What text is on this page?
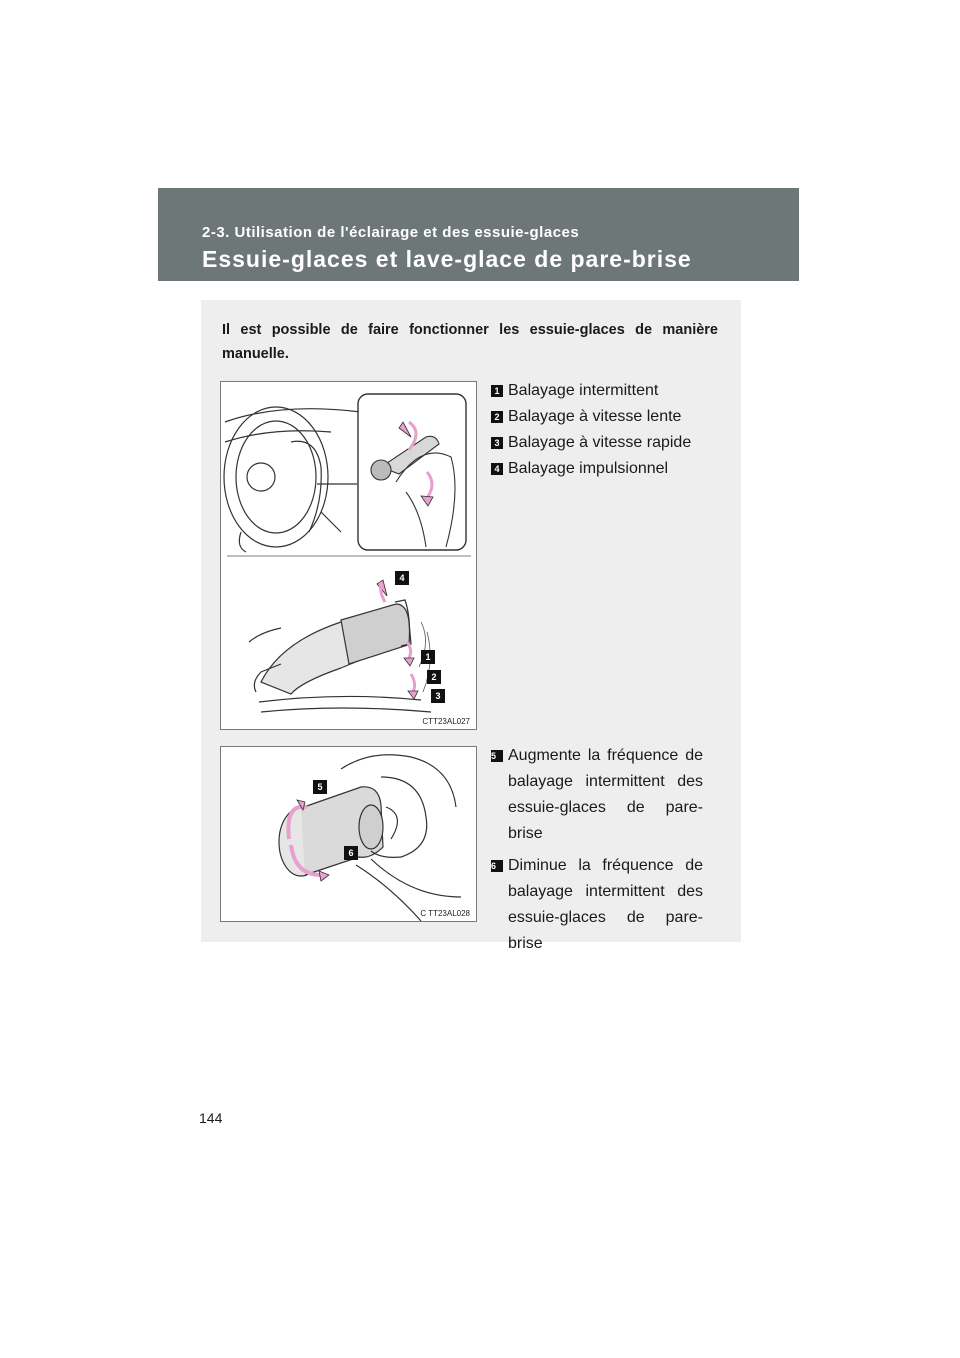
2-3. Utilisation de l'éclairage et des essuie-glaces

Essuie-glaces et lave-glace de pare-brise

Il est possible de faire fonctionner les essuie-glaces de manière manuelle.

4
1
2
3
CTT23AL027
1 Balayage intermittent
2 Balayage à vitesse lente
3 Balayage à vitesse rapide
4 Balayage impulsionnel
5
6
C TT23AL028
5 Augmente la fréquence de balayage intermittent des essuie-glaces de pare-brise
6 Diminue la fréquence de balayage intermittent des essuie-glaces de pare-brise

144
